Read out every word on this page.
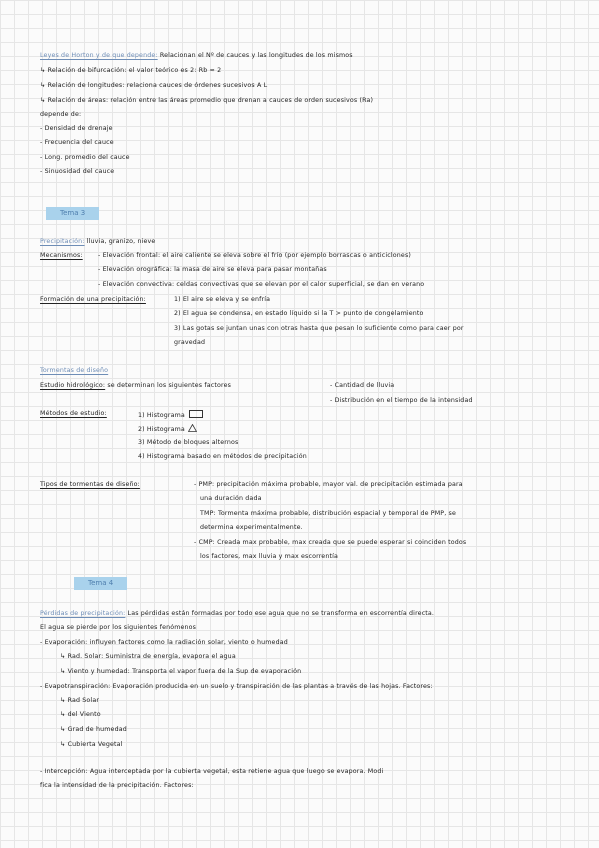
Leyes de Horton y de que depende: Relacionan el Nº de cauces y las longitudes de los mismos
↳ Relación de bifurcación: el valor teórico es 2: Rb ≈ 2
↳ Relación de longitudes: relaciona cauces de órdenes sucesivos A L
↳ Relación de áreas: relación entre las áreas promedio que drenan a cauces de orden sucesivos (Ra)
depende de:
- Densidad de drenaje
- Frecuencia del cauce
- Long. promedio del cauce
- Sinuosidad del cauce
Tema 3
Precipitación: lluvia, granizo, nieve
Mecanismos: - Elevación frontal: el aire caliente se eleva sobre el frío (por ejemplo borrascas o anticiclones)
- Elevación orográfica: la masa de aire se eleva para pasar montañas
- Elevación convectiva: celdas convectivas que se elevan por el calor superficial, se dan en verano
Formación de una precipitación:	1) El aire se eleva y se enfría
2) El agua se condensa, en estado líquido si la T > punto de congelamiento
3) Las gotas se juntan unas con otras hasta que pesan lo suficiente como para caer por
gravedad
Tormentas de diseño
Estudio hidrológico: se determinan los siguientes factores	- Cantidad de lluvia
- Distribución en el tiempo de la intensidad
Métodos de estudio:	1) Histograma
2) Histograma
3) Método de bloques alternos
4) Histograma basado en métodos de precipitación
Tipos de tormentas de diseño:	- PMP: precipitación máxima probable, mayor val. de precipitación estimada para
una duración dada
TMP: Tormenta máxima probable, distribución espacial y temporal de PMP, se
determina experimentalmente.
- CMP: Creada max probable, max creada que se puede esperar si coinciden todos
los factores, max lluvia y max escorrentía
Tema 4
Pérdidas de precipitación: Las pérdidas están formadas por todo ese agua que no se transforma en escorrentía directa.
El agua se pierde por los siguientes fenómenos
- Evaporación: influyen factores como la radiación solar, viento o humedad
↳ Rad. Solar: Suministra de energía, evapora el agua
↳ Viento y humedad: Transporta el vapor fuera de la Sup de evaporación
- Evapotranspiración: Evaporación producida en un suelo y transpiración de las plantas a través de las hojas. Factores:
↳ Rad Solar
↳ del Viento
↳ Grad de humedad
↳ Cubierta Vegetal
- Intercepción: Agua interceptada por la cubierta vegetal, esta retiene agua que luego se evapora. Modi
fica la intensidad de la precipitación. Factores:
